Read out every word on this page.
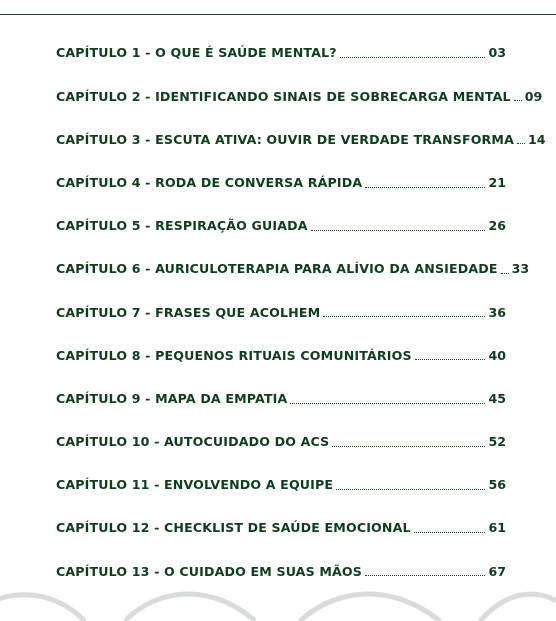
CAPÍTULO 1 - O QUE É SAÚDE MENTAL?	03
CAPÍTULO 2 - IDENTIFICANDO SINAIS DE SOBRECARGA MENTAL 09
CAPÍTULO 3 - ESCUTA ATIVA: OUVIR DE VERDADE TRANSFORMA 14
CAPÍTULO 4 - RODA DE CONVERSA RÁPIDA	21
CAPÍTULO 5 - RESPIRAÇÃO GUIADA	26
CAPÍTULO 6 - AURICULOTERAPIA PARA ALÍVIO DA ANSIEDADE 33
CAPÍTULO 7 - FRASES QUE ACOLHEM	36
CAPÍTULO 8 - PEQUENOS RITUAIS COMUNITÁRIOS	40
CAPÍTULO 9 - MAPA DA EMPATIA	45
CAPÍTULO 10 - AUTOCUIDADO DO ACS	52
CAPÍTULO 11 - ENVOLVENDO A EQUIPE	56
CAPÍTULO 12 - CHECKLIST DE SAÚDE EMOCIONAL	61
CAPÍTULO 13 - O CUIDADO EM SUAS MÃOS	67
